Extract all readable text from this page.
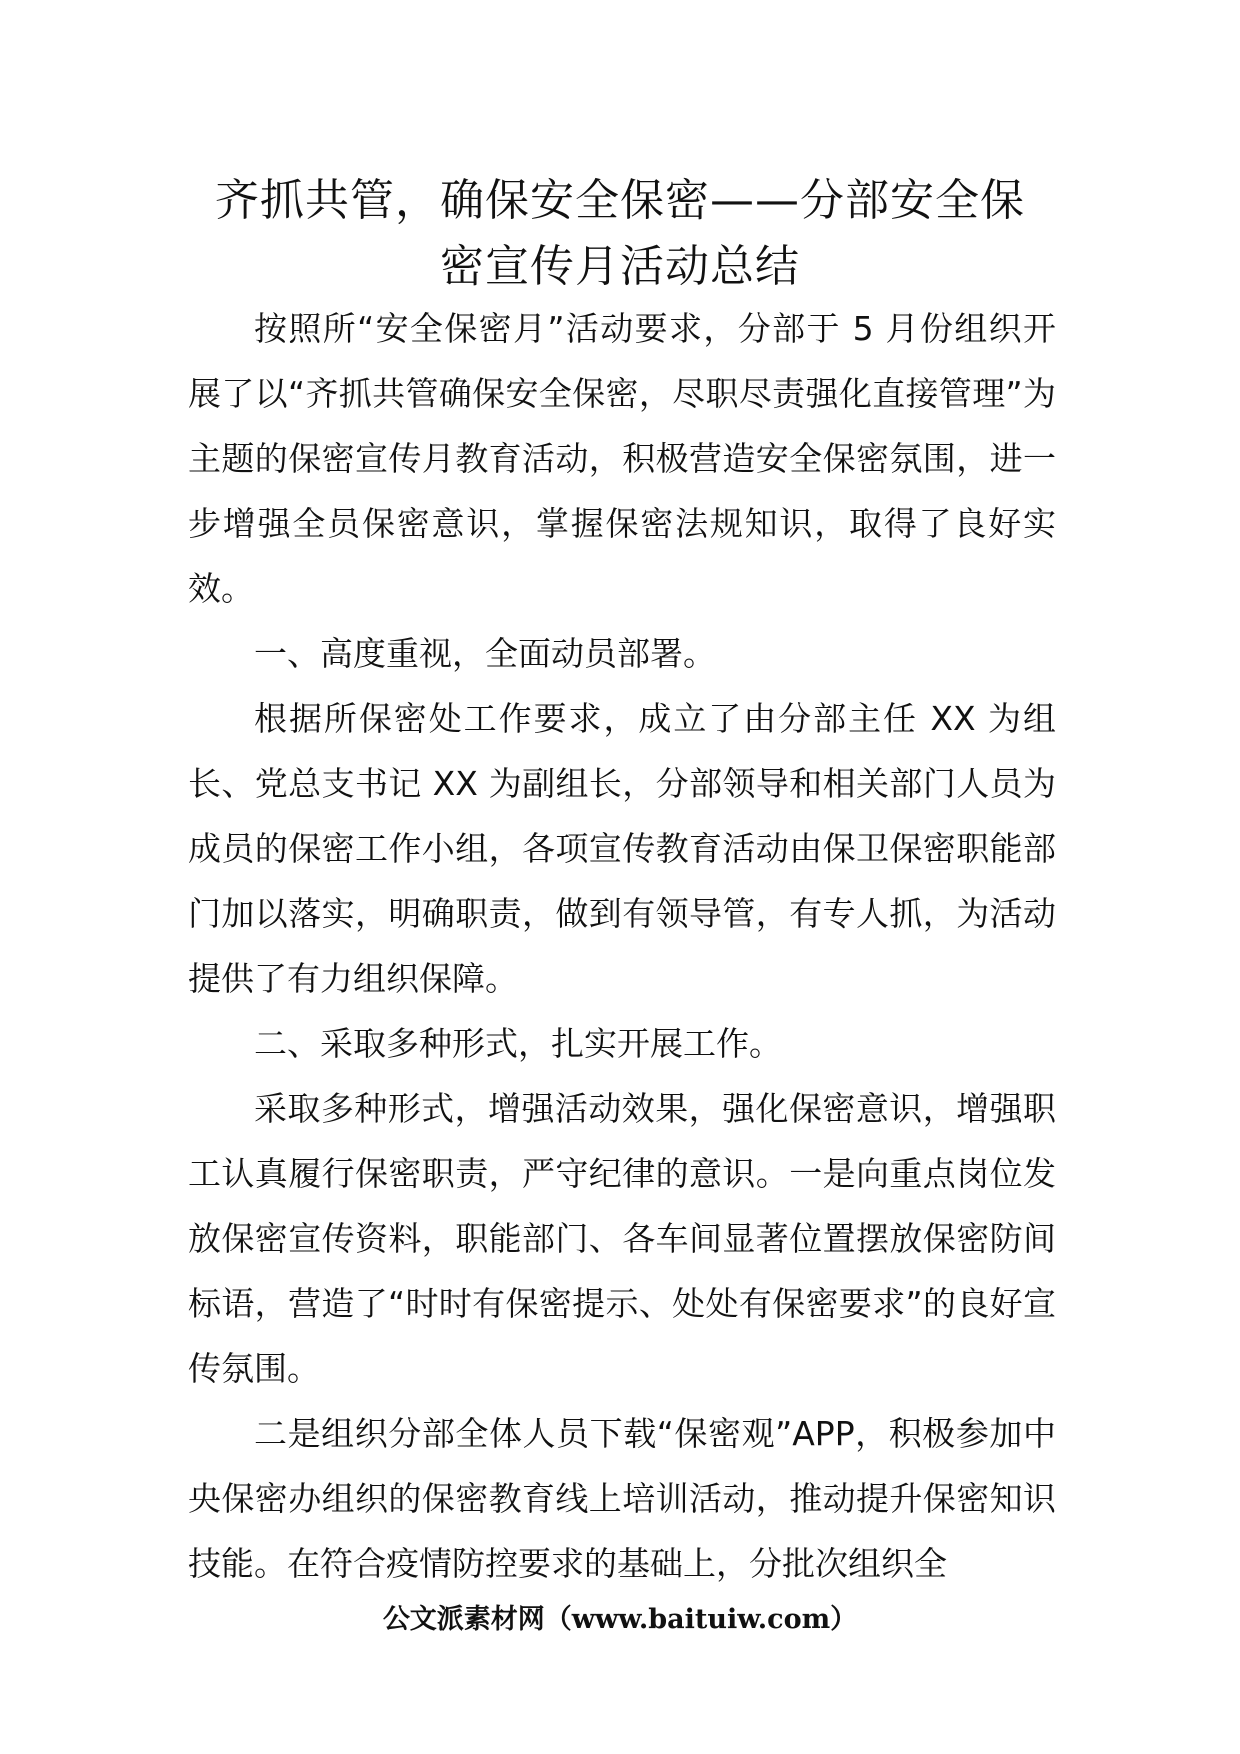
齐抓共管，确保安全保密——分部安全保
密宣传月活动总结

按照所“安全保密月”活动要求，分部于 5 月份组织开展了以“齐抓共管确保安全保密，尽职尽责强化直接管理”为主题的保密宣传月教育活动，积极营造安全保密氛围，进一步增强全员保密意识，掌握保密法规知识，取得了良好实效。

一、高度重视，全面动员部署。

根据所保密处工作要求，成立了由分部主任 XX 为组长、党总支书记 XX 为副组长，分部领导和相关部门人员为成员的保密工作小组，各项宣传教育活动由保卫保密职能部门加以落实，明确职责，做到有领导管，有专人抓，为活动提供了有力组织保障。

二、采取多种形式，扎实开展工作。

采取多种形式，增强活动效果，强化保密意识，增强职工认真履行保密职责，严守纪律的意识。一是向重点岗位发放保密宣传资料，职能部门、各车间显著位置摆放保密防间标语，营造了“时时有保密提示、处处有保密要求”的良好宣传氛围。

二是组织分部全体人员下载“保密观”APP，积极参加中央保密办组织的保密教育线上培训活动，推动提升保密知识技能。在符合疫情防控要求的基础上，分批次组织全

公文派素材网（www.baituiw.com）
